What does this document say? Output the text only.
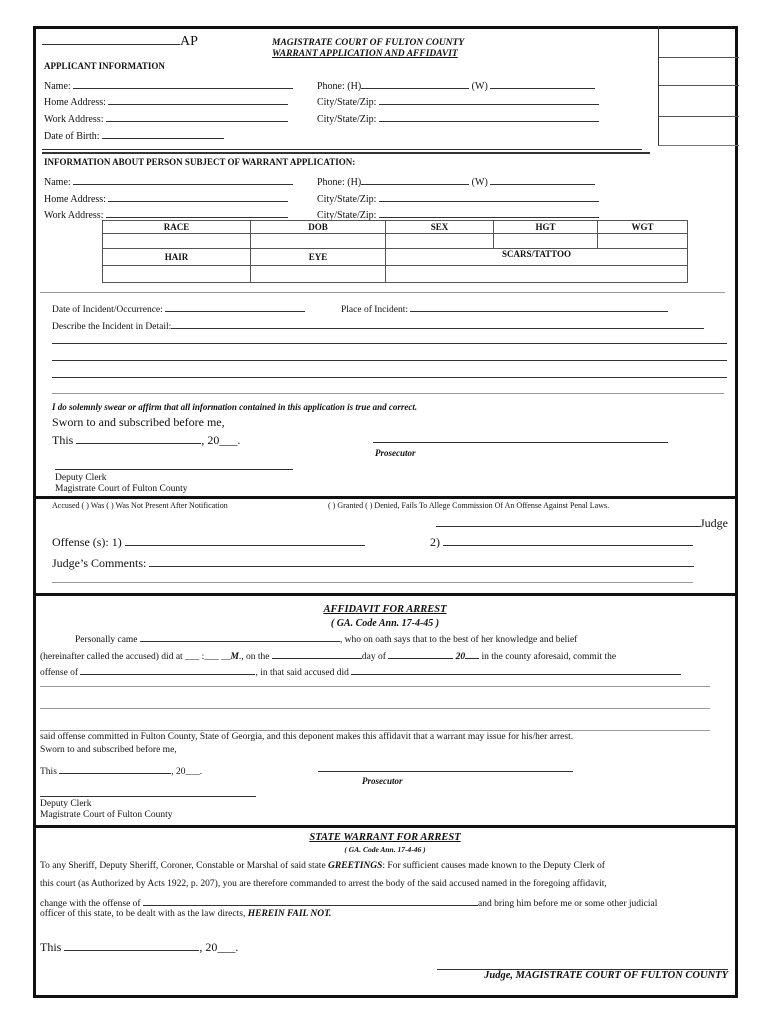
AP	MAGISTRATE COURT OF FULTON COUNTY
WARRANT APPLICATION AND AFFIDAVIT
APPLICANT INFORMATION
Name:	Phone: (H)	(W)
Home Address:	City/State/Zip:
Work Address:	City/State/Zip:
Date of Birth:
INFORMATION ABOUT PERSON SUBJECT OF WARRANT APPLICATION:
Name:	Phone: (H)	(W)
Home Address:	City/State/Zip:
Work Address:	City/State/Zip:
RACE	DOB	SEX	HGT	WGT

HAIR	EYE	SCARS/TATTOO		

Date of Incident/Occurrence:	Place of Incident:
Describe the Incident in Detail:
I do solemnly swear or affirm that all information contained in this application is true and correct.
Sworn to and subscribed before me,
This	, 20___.
Prosecutor
Deputy Clerk
Magistrate Court of Fulton County
Accused ( ) Was ( ) Was Not Present After Notification	( ) Granted ( ) Denied, Fails To Allege Commission Of An Offense Against Penal Laws.
Judge
Offense (s): 1)	2)
Judge’s Comments:
AFFIDAVIT FOR ARREST
( GA. Code Ann. 17-4-45 )
Personally came	, who on oath says that to the best of her knowledge and belief
(hereinafter called the accused) did at ___ :___ __M., on the	day of	20 in the county aforesaid, commit the
offense of	, in that said accused did
said offense committed in Fulton County, State of Georgia, and this deponent makes this affidavit that a warrant may issue for his/her arrest.
Sworn to and subscribed before me,
This	, 20___.
Prosecutor
Deputy Clerk
Magistrate Court of Fulton County
STATE WARRANT FOR ARREST
( GA. Code Ann. 17-4-46 )
To any Sheriff, Deputy Sheriff, Coroner, Constable or Marshal of said state GREETINGS: For sufficient causes made known to the Deputy Clerk of
this court (as Authorized by Acts 1922, p. 207), you are therefore commanded to arrest the body of the said accused named in the foregoing affidavit,
change with the offense of	and bring him before me or some other judicial
officer of this state, to be dealt with as the law directs, HEREIN FAIL NOT.
This	, 20___.
Judge, MAGISTRATE COURT OF FULTON COUNTY
